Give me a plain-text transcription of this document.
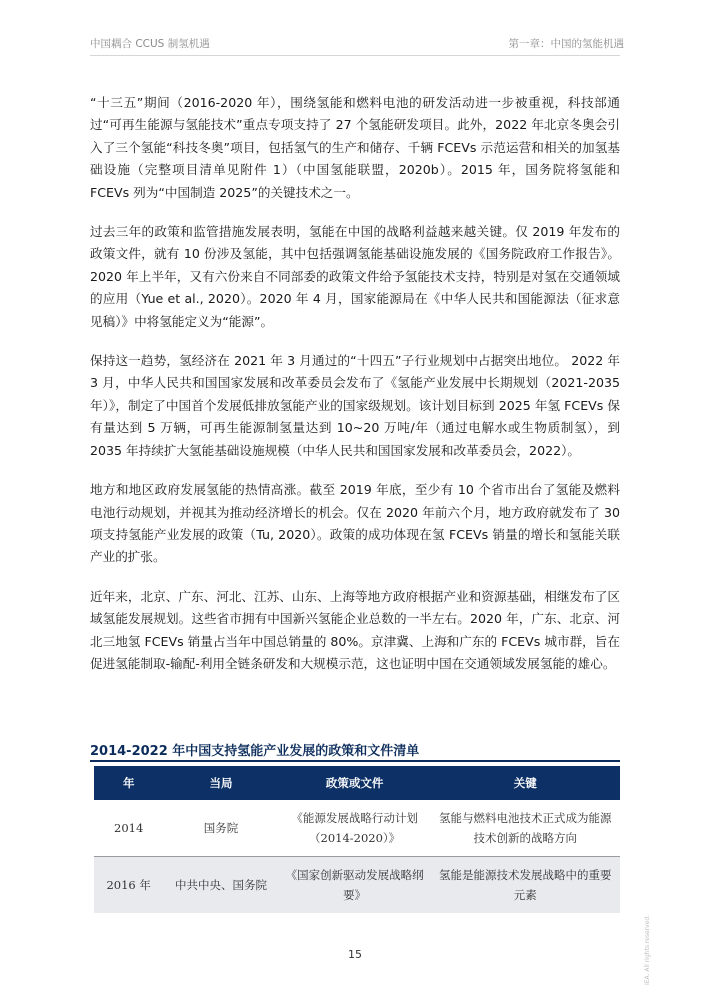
中国耦合 CCUS 制氢机遇	第一章：中国的氢能机遇

“十三五”期间（2016-2020 年），围绕氢能和燃料电池的研发活动进一步被重视，科技部通过“可再生能源与氢能技术”重点专项支持了 27 个氢能研发项目。此外，2022 年北京冬奥会引入了三个氢能“科技冬奥”项目，包括氢气的生产和储存、千辆 FCEVs 示范运营和相关的加氢基础设施（完整项目清单见附件 1）（中国氢能联盟，2020b）。2015 年，国务院将氢能和 FCEVs 列为“中国制造 2025”的关键技术之一。

过去三年的政策和监管措施发展表明，氢能在中国的战略利益越来越关键。仅 2019 年发布的政策文件，就有 10 份涉及氢能，其中包括强调氢能基础设施发展的《国务院政府工作报告》。2020 年上半年，又有六份来自不同部委的政策文件给予氢能技术支持，特别是对氢在交通领域的应用（Yue et al., 2020）。2020 年 4 月，国家能源局在《中华人民共和国能源法（征求意见稿）》中将氢能定义为“能源”。

保持这一趋势，氢经济在 2021 年 3 月通过的“十四五”子行业规划中占据突出地位。 2022 年 3 月，中华人民共和国国家发展和改革委员会发布了《氢能产业发展中长期规划（2021-2035 年）》，制定了中国首个发展低排放氢能产业的国家级规划。该计划目标到 2025 年氢 FCEVs 保有量达到 5 万辆，可再生能源制氢量达到 10~20 万吨/年（通过电解水或生物质制氢），到 2035 年持续扩大氢能基础设施规模（中华人民共和国国家发展和改革委员会，2022）。

地方和地区政府发展氢能的热情高涨。截至 2019 年底，至少有 10 个省市出台了氢能及燃料电池行动规划，并视其为推动经济增长的机会。仅在 2020 年前六个月，地方政府就发布了 30 项支持氢能产业发展的政策（Tu, 2020）。政策的成功体现在氢 FCEVs 销量的增长和氢能关联产业的扩张。

近年来，北京、广东、河北、江苏、山东、上海等地方政府根据产业和资源基础，相继发布了区域氢能发展规划。这些省市拥有中国新兴氢能企业总数的一半左右。2020 年，广东、北京、河北三地氢 FCEVs 销量占当年中国总销量的 80%。京津冀、上海和广东的 FCEVs 城市群，旨在促进氢能制取-输配-利用全链条研发和大规模示范，这也证明中国在交通领域发展氢能的雄心。

2014-2022 年中国支持氢能产业发展的政策和文件清单
年	当局	政策或文件	关键
2014	国务院	《能源发展战略行动计划（2014-2020）》	氢能与燃料电池技术正式成为能源技术创新的战略方向
2016 年	中共中央、国务院	《国家创新驱动发展战略纲要》	氢能是能源技术发展战略中的重要元素
15	IEA. All rights reserved.
